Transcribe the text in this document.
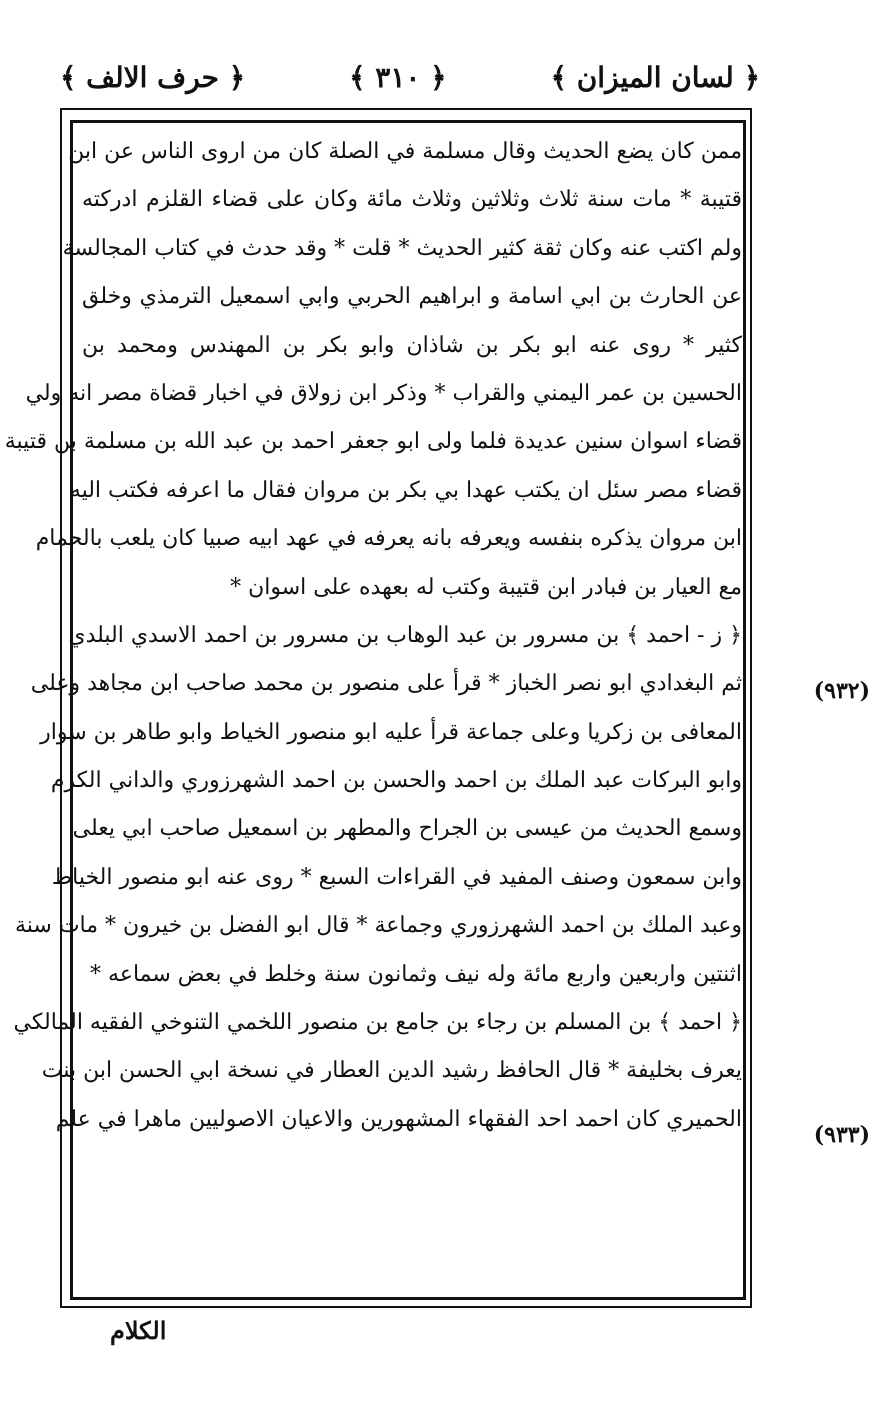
﴿ لسان الميزان ﴾
﴿ ٣١٠ ﴾
﴿ حرف الالف ﴾
ممن كان يضع الحديث وقال مسلمة في الصلة كان من اروى الناس عن ابن
قتيبة * مات سنة ثلاث وثلاثين وثلاث مائة وكان على قضاء القلزم ادركته
ولم اكتب عنه وكان ثقة كثير الحديث * قلت * وقد حدث في كتاب المجالسة
عن الحارث بن ابي اسامة و ابراهيم الحربي وابي اسمعيل الترمذي وخلق
كثير * روى عنه ابو بكر بن شاذان وابو بكر بن المهندس ومحمد بن
الحسين بن عمر اليمني والقراب * وذكر ابن زولاق في اخبار قضاة مصر انه ولي
قضاء اسوان سنين عديدة فلما ولى ابو جعفر احمد بن عبد الله بن مسلمة بن قتيبة
قضاء مصر سئل ان يكتب عهدا بي بكر بن مروان فقال ما اعرفه فكتب اليه
ابن مروان يذكره بنفسه ويعرفه بانه يعرفه في عهد ابيه صبيا كان يلعب بالحمام
مع العيار بن فبادر ابن قتيبة وكتب له بعهده على اسوان *
﴿ ز - احمد ﴾ بن مسرور بن عبد الوهاب بن مسرور بن احمد الاسدي البلدي
ثم البغدادي ابو نصر الخباز * قرأ على منصور بن محمد صاحب ابن مجاهد وعلى
المعافى بن زكريا وعلى جماعة قرأ عليه ابو منصور الخياط وابو طاهر بن سوار
وابو البركات عبد الملك بن احمد والحسن بن احمد الشهرزوري والداني الكرم
وسمع الحديث من عيسى بن الجراح والمطهر بن اسمعيل صاحب ابي يعلى
وابن سمعون وصنف المفيد في القراءات السبع * روى عنه ابو منصور الخياط
وعبد الملك بن احمد الشهرزوري وجماعة * قال ابو الفضل بن خيرون * مات سنة
اثنتين واربعين واربع مائة وله نيف وثمانون سنة وخلط في بعض سماعه *
﴿ احمد ﴾ بن المسلم بن رجاء بن جامع بن منصور اللخمي التنوخي الفقيه المالكي
يعرف بخليفة * قال الحافظ رشيد الدين العطار في نسخة ابي الحسن ابن بنت
الحميري كان احمد احد الفقهاء المشهورين والاعيان الاصوليين ماهرا في علم
(٩٣٢)
(٩٣٣)
الكلام
